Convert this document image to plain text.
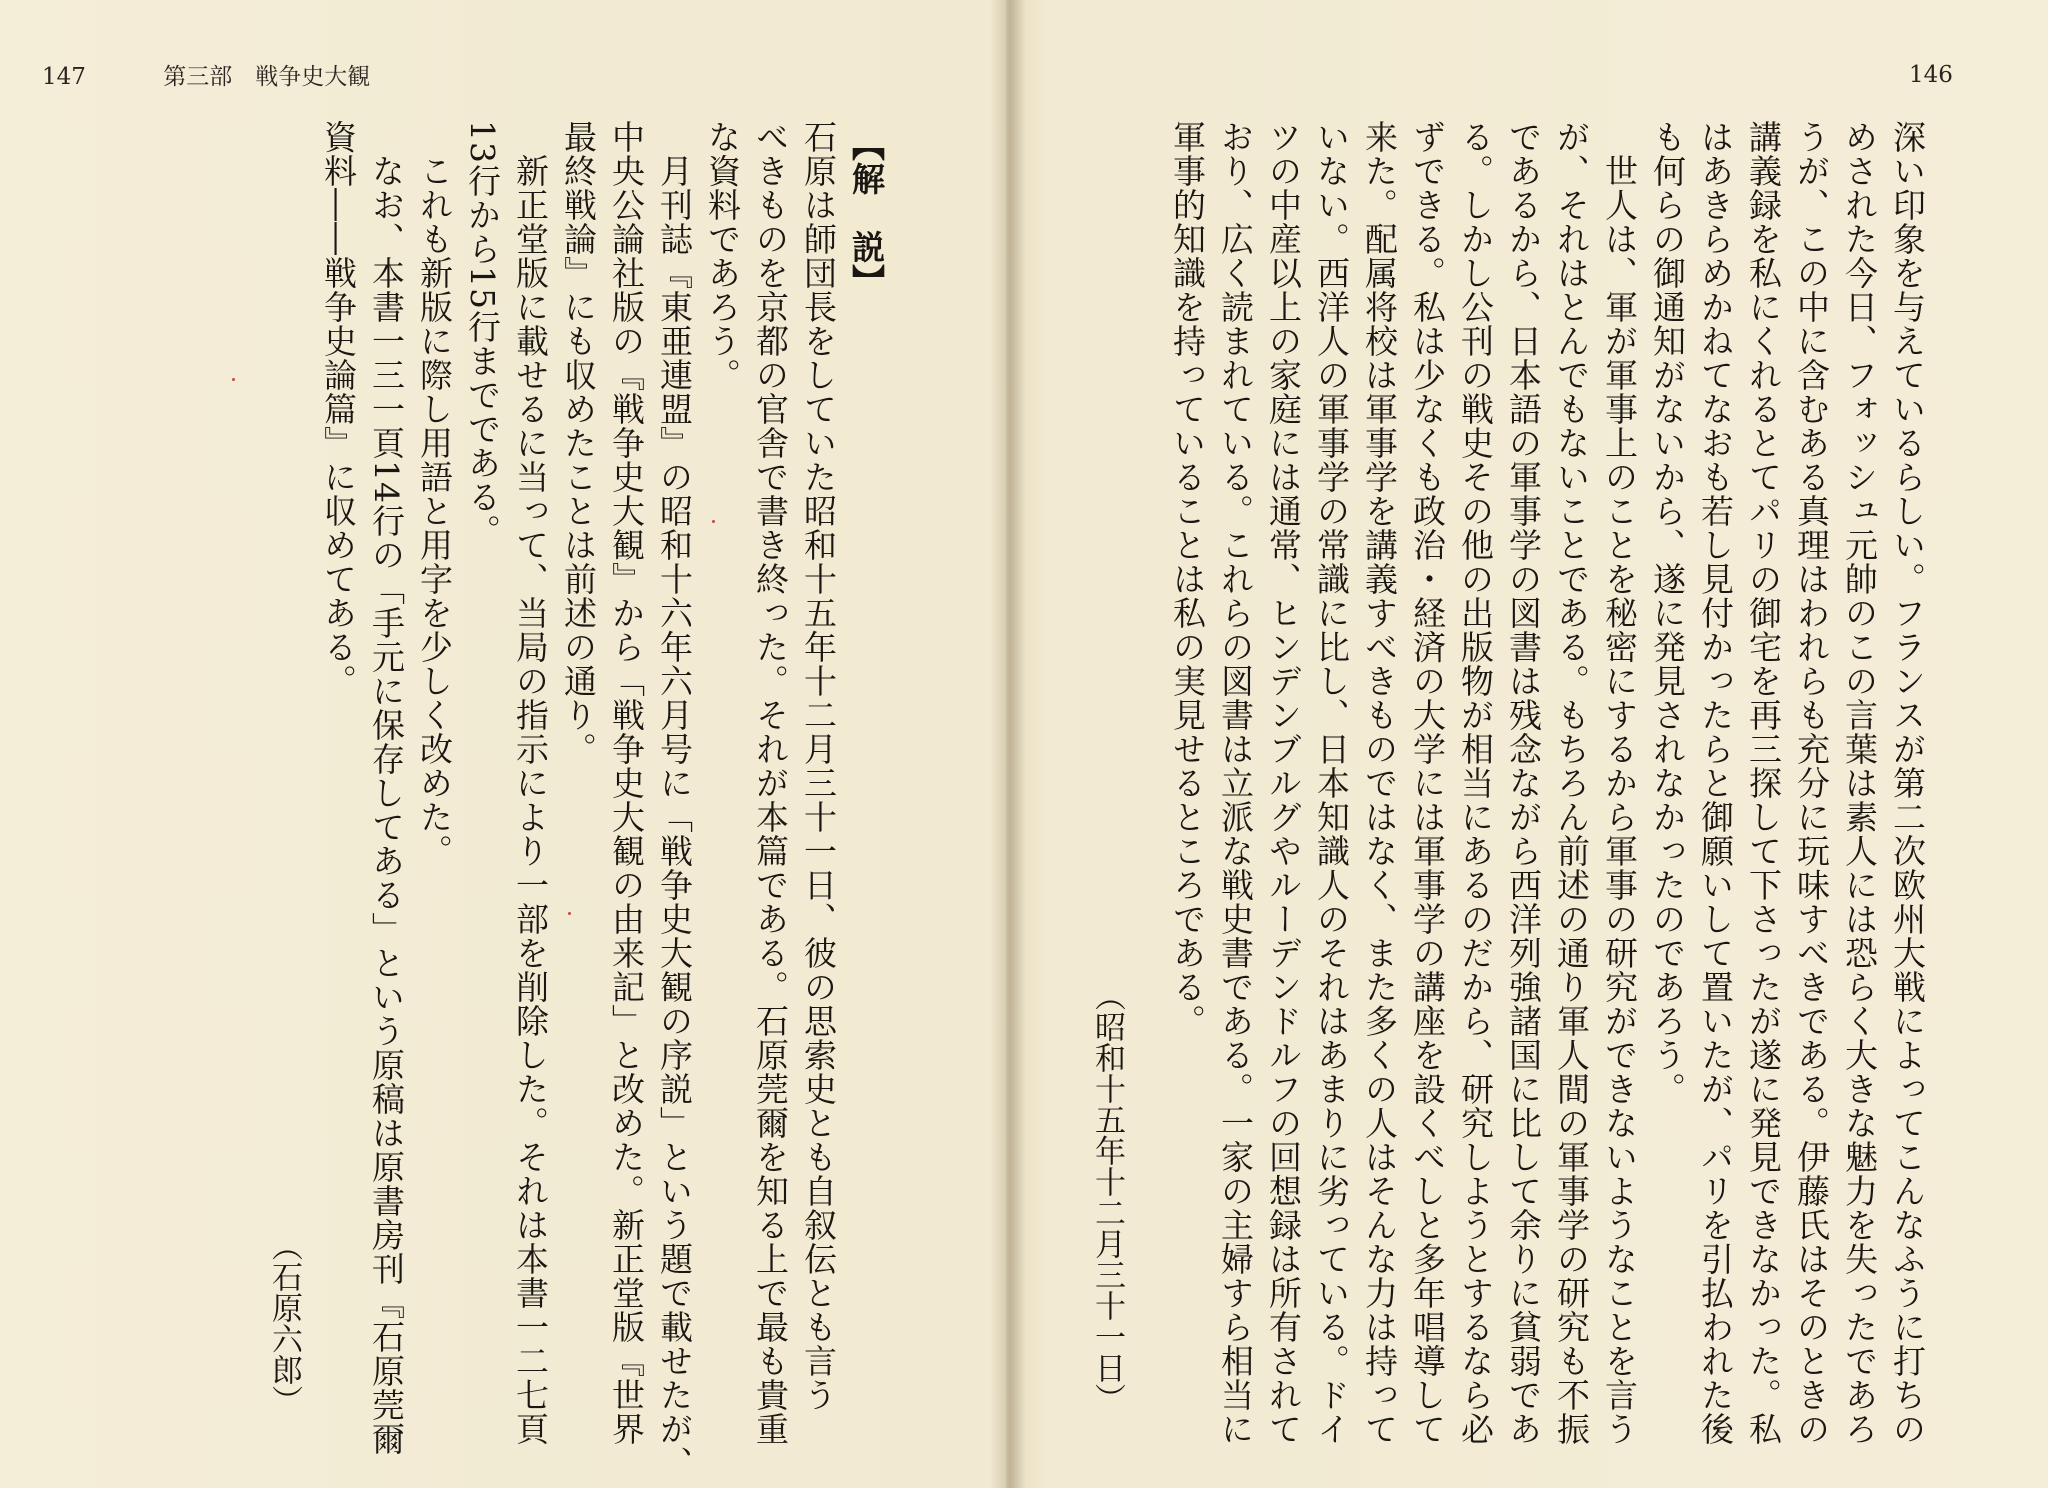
147	第三部　戦争史大観
【解　説】
石原は師団長をしていた昭和十五年十二月三十一日、彼の思索史とも自叙伝とも言う
べきものを京都の官舎で書き終った。それが本篇である。石原莞爾を知る上で最も貴重
な資料であろう。
　月刊誌『東亜連盟』の昭和十六年六月号に「戦争史大観の序説」という題で載せたが、
中央公論社版の『戦争史大観』から「戦争史大観の由来記」と改めた。新正堂版『世界
最終戦論』にも収めたことは前述の通り。
　新正堂版に載せるに当って、当局の指示により一部を削除した。それは本書一二七頁
13行から15行までである。
　これも新版に際し用語と用字を少しく改めた。
　なお、本書一三一頁14行の「手元に保存してある」という原稿は原書房刊『石原莞爾
資料――戦争史論篇』に収めてある。
（石原六郎）
146
深い印象を与えているらしい。フランスが第二次欧州大戦によってこんなふうに打ちの
めされた今日、フォッシュ元帥のこの言葉は素人には恐らく大きな魅力を失ったであろ
うが、この中に含むある真理はわれらも充分に玩味すべきである。伊藤氏はそのときの
講義録を私にくれるとてパリの御宅を再三探して下さったが遂に発見できなかった。私
はあきらめかねてなおも若し見付かったらと御願いして置いたが、パリを引払われた後
も何らの御通知がないから、遂に発見されなかったのであろう。
　世人は、軍が軍事上のことを秘密にするから軍事の研究ができないようなことを言う
が、それはとんでもないことである。もちろん前述の通り軍人間の軍事学の研究も不振
であるから、日本語の軍事学の図書は残念ながら西洋列強諸国に比して余りに貧弱であ
る。しかし公刊の戦史その他の出版物が相当にあるのだから、研究しようとするなら必
ずできる。私は少なくも政治・経済の大学には軍事学の講座を設くべしと多年唱導して
来た。配属将校は軍事学を講義すべきものではなく、また多くの人はそんな力は持って
いない。西洋人の軍事学の常識に比し、日本知識人のそれはあまりに劣っている。ドイ
ツの中産以上の家庭には通常、ヒンデンブルグやルーデンドルフの回想録は所有されて
おり、広く読まれている。これらの図書は立派な戦史書である。一家の主婦すら相当に
軍事的知識を持っていることは私の実見せるところである。
（昭和十五年十二月三十一日）
